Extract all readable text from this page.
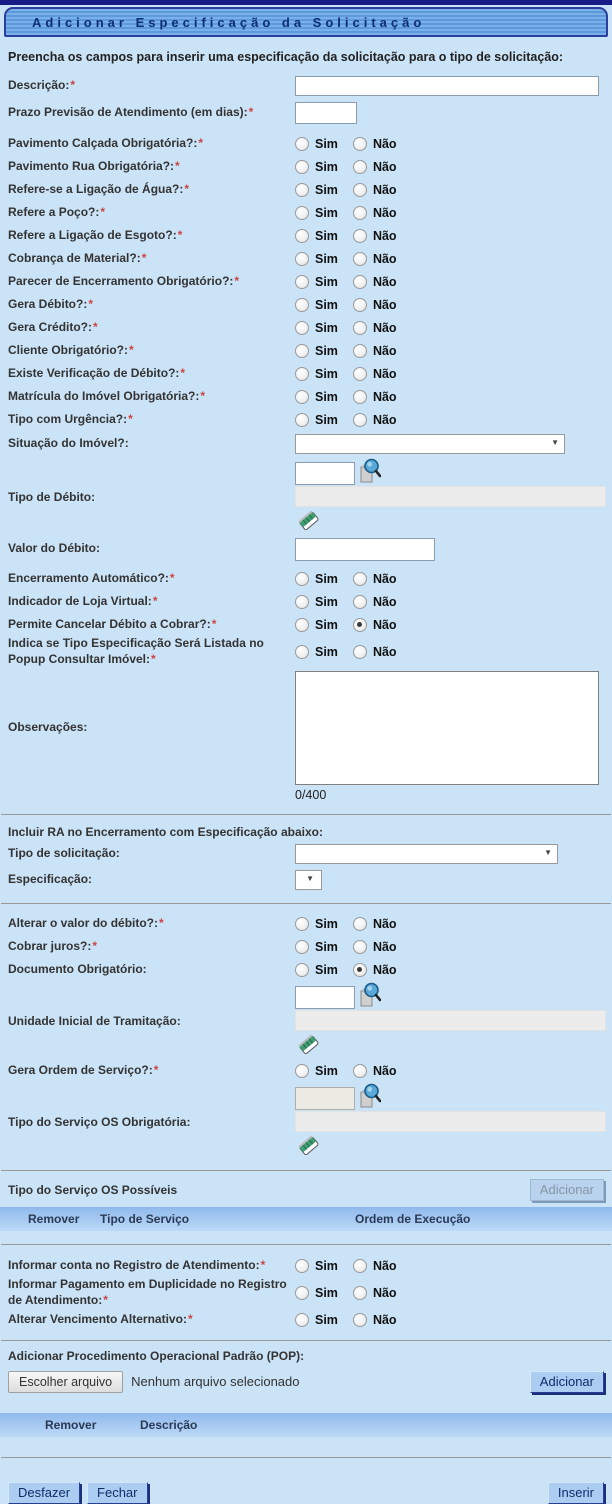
Adicionar Especificação da Solicitação
Preencha os campos para inserir uma especificação da solicitação para o tipo de solicitação:
Descrição:*
Prazo Previsão de Atendimento (em dias):*
Pavimento Calçada Obrigatória?:*	Sim	Não
Pavimento Rua Obrigatória?:*	Sim	Não
Refere-se a Ligação de Água?:*	Sim	Não
Refere a Poço?:*	Sim	Não
Refere a Ligação de Esgoto?:*	Sim	Não
Cobrança de Material?:*	Sim	Não
Parecer de Encerramento Obrigatório?:*	Sim	Não
Gera Débito?:*	Sim	Não
Gera Crédito?:*	Sim	Não
Cliente Obrigatório?:*	Sim	Não
Existe Verificação de Débito?:*	Sim	Não
Matrícula do Imóvel Obrigatória?:*	Sim	Não
Tipo com Urgência?:*	Sim	Não
Situação do Imóvel?:	▼
Tipo de Débito:
Valor do Débito:
Encerramento Automático?:*	Sim	Não
Indicador de Loja Virtual:*	Sim	Não
Permite Cancelar Débito a Cobrar?:*	Sim	Não
Indica se Tipo Especificação Será Listada no Popup Consultar Imóvel:*	Sim	Não
Observações:
0/400
Incluir RA no Encerramento com Especificação abaixo:
Tipo de solicitação:	▼
Especificação:	▼
Alterar o valor do débito?:*	Sim	Não
Cobrar juros?:*	Sim	Não
Documento Obrigatório:	Sim	Não
Unidade Inicial de Tramitação:
Gera Ordem de Serviço?:*	Sim	Não
Tipo do Serviço OS Obrigatória:
Tipo do Serviço OS Possíveis	Adicionar
Remover Tipo de Serviço	Ordem de Execução
Informar conta no Registro de Atendimento:*	Sim	Não
Informar Pagamento em Duplicidade no Registro de Atendimento:*	Sim	Não
Alterar Vencimento Alternativo:*	Sim	Não
Adicionar Procedimento Operacional Padrão (POP):
Escolher arquivo	Nenhum arquivo selecionado	Adicionar
Remover	Descrição
Desfazer	Fechar	Inserir
